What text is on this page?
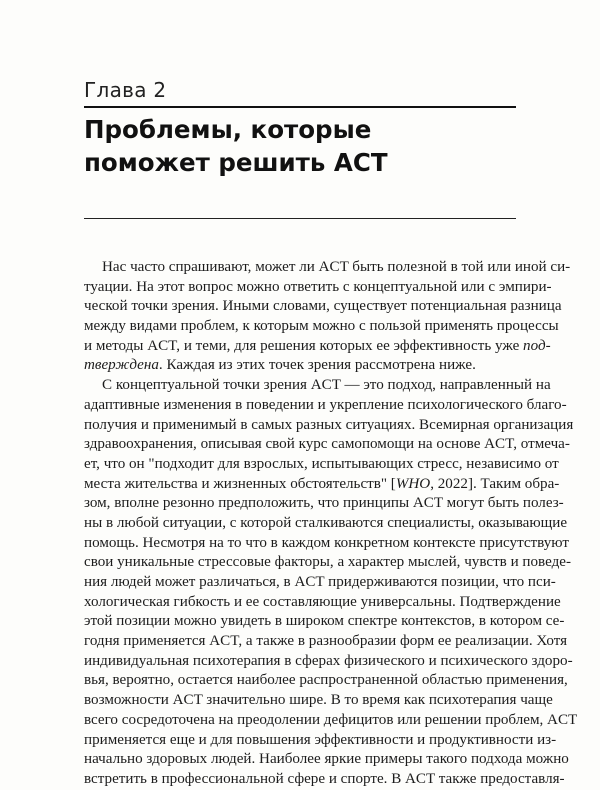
Глава 2
Проблемы, которые
поможет решить ACT
Нас часто спрашивают, может ли ACT быть полезной в той или иной си-
туации. На этот вопрос можно ответить с концептуальной или с эмпири-
ческой точки зрения. Иными словами, существует потенциальная разница
между видами проблем, к которым можно с пользой применять процессы
и методы ACT, и теми, для решения которых ее эффективность уже под-
тверждена. Каждая из этих точек зрения рассмотрена ниже.
С концептуальной точки зрения ACT — это подход, направленный на
адаптивные изменения в поведении и укрепление психологического благо-
получия и применимый в самых разных ситуациях. Всемирная организация
здравоохранения, описывая свой курс самопомощи на основе ACT, отмеча-
ет, что он "подходит для взрослых, испытывающих стресс, независимо от
места жительства и жизненных обстоятельств" [WHO, 2022]. Таким обра-
зом, вполне резонно предположить, что принципы ACT могут быть полез-
ны в любой ситуации, с которой сталкиваются специалисты, оказывающие
помощь. Несмотря на то что в каждом конкретном контексте присутствуют
свои уникальные стрессовые факторы, а характер мыслей, чувств и поведе-
ния людей может различаться, в ACT придерживаются позиции, что пси-
хологическая гибкость и ее составляющие универсальны. Подтверждение
этой позиции можно увидеть в широком спектре контекстов, в котором се-
годня применяется ACT, а также в разнообразии форм ее реализации. Хотя
индивидуальная психотерапия в сферах физического и психического здоро-
вья, вероятно, остается наиболее распространенной областью применения,
возможности ACT значительно шире. В то время как психотерапия чаще
всего сосредоточена на преодолении дефицитов или решении проблем, ACT
применяется еще и для повышения эффективности и продуктивности из-
начально здоровых людей. Наиболее яркие примеры такого подхода можно
встретить в профессиональной сфере и спорте. В ACT также предоставля-
